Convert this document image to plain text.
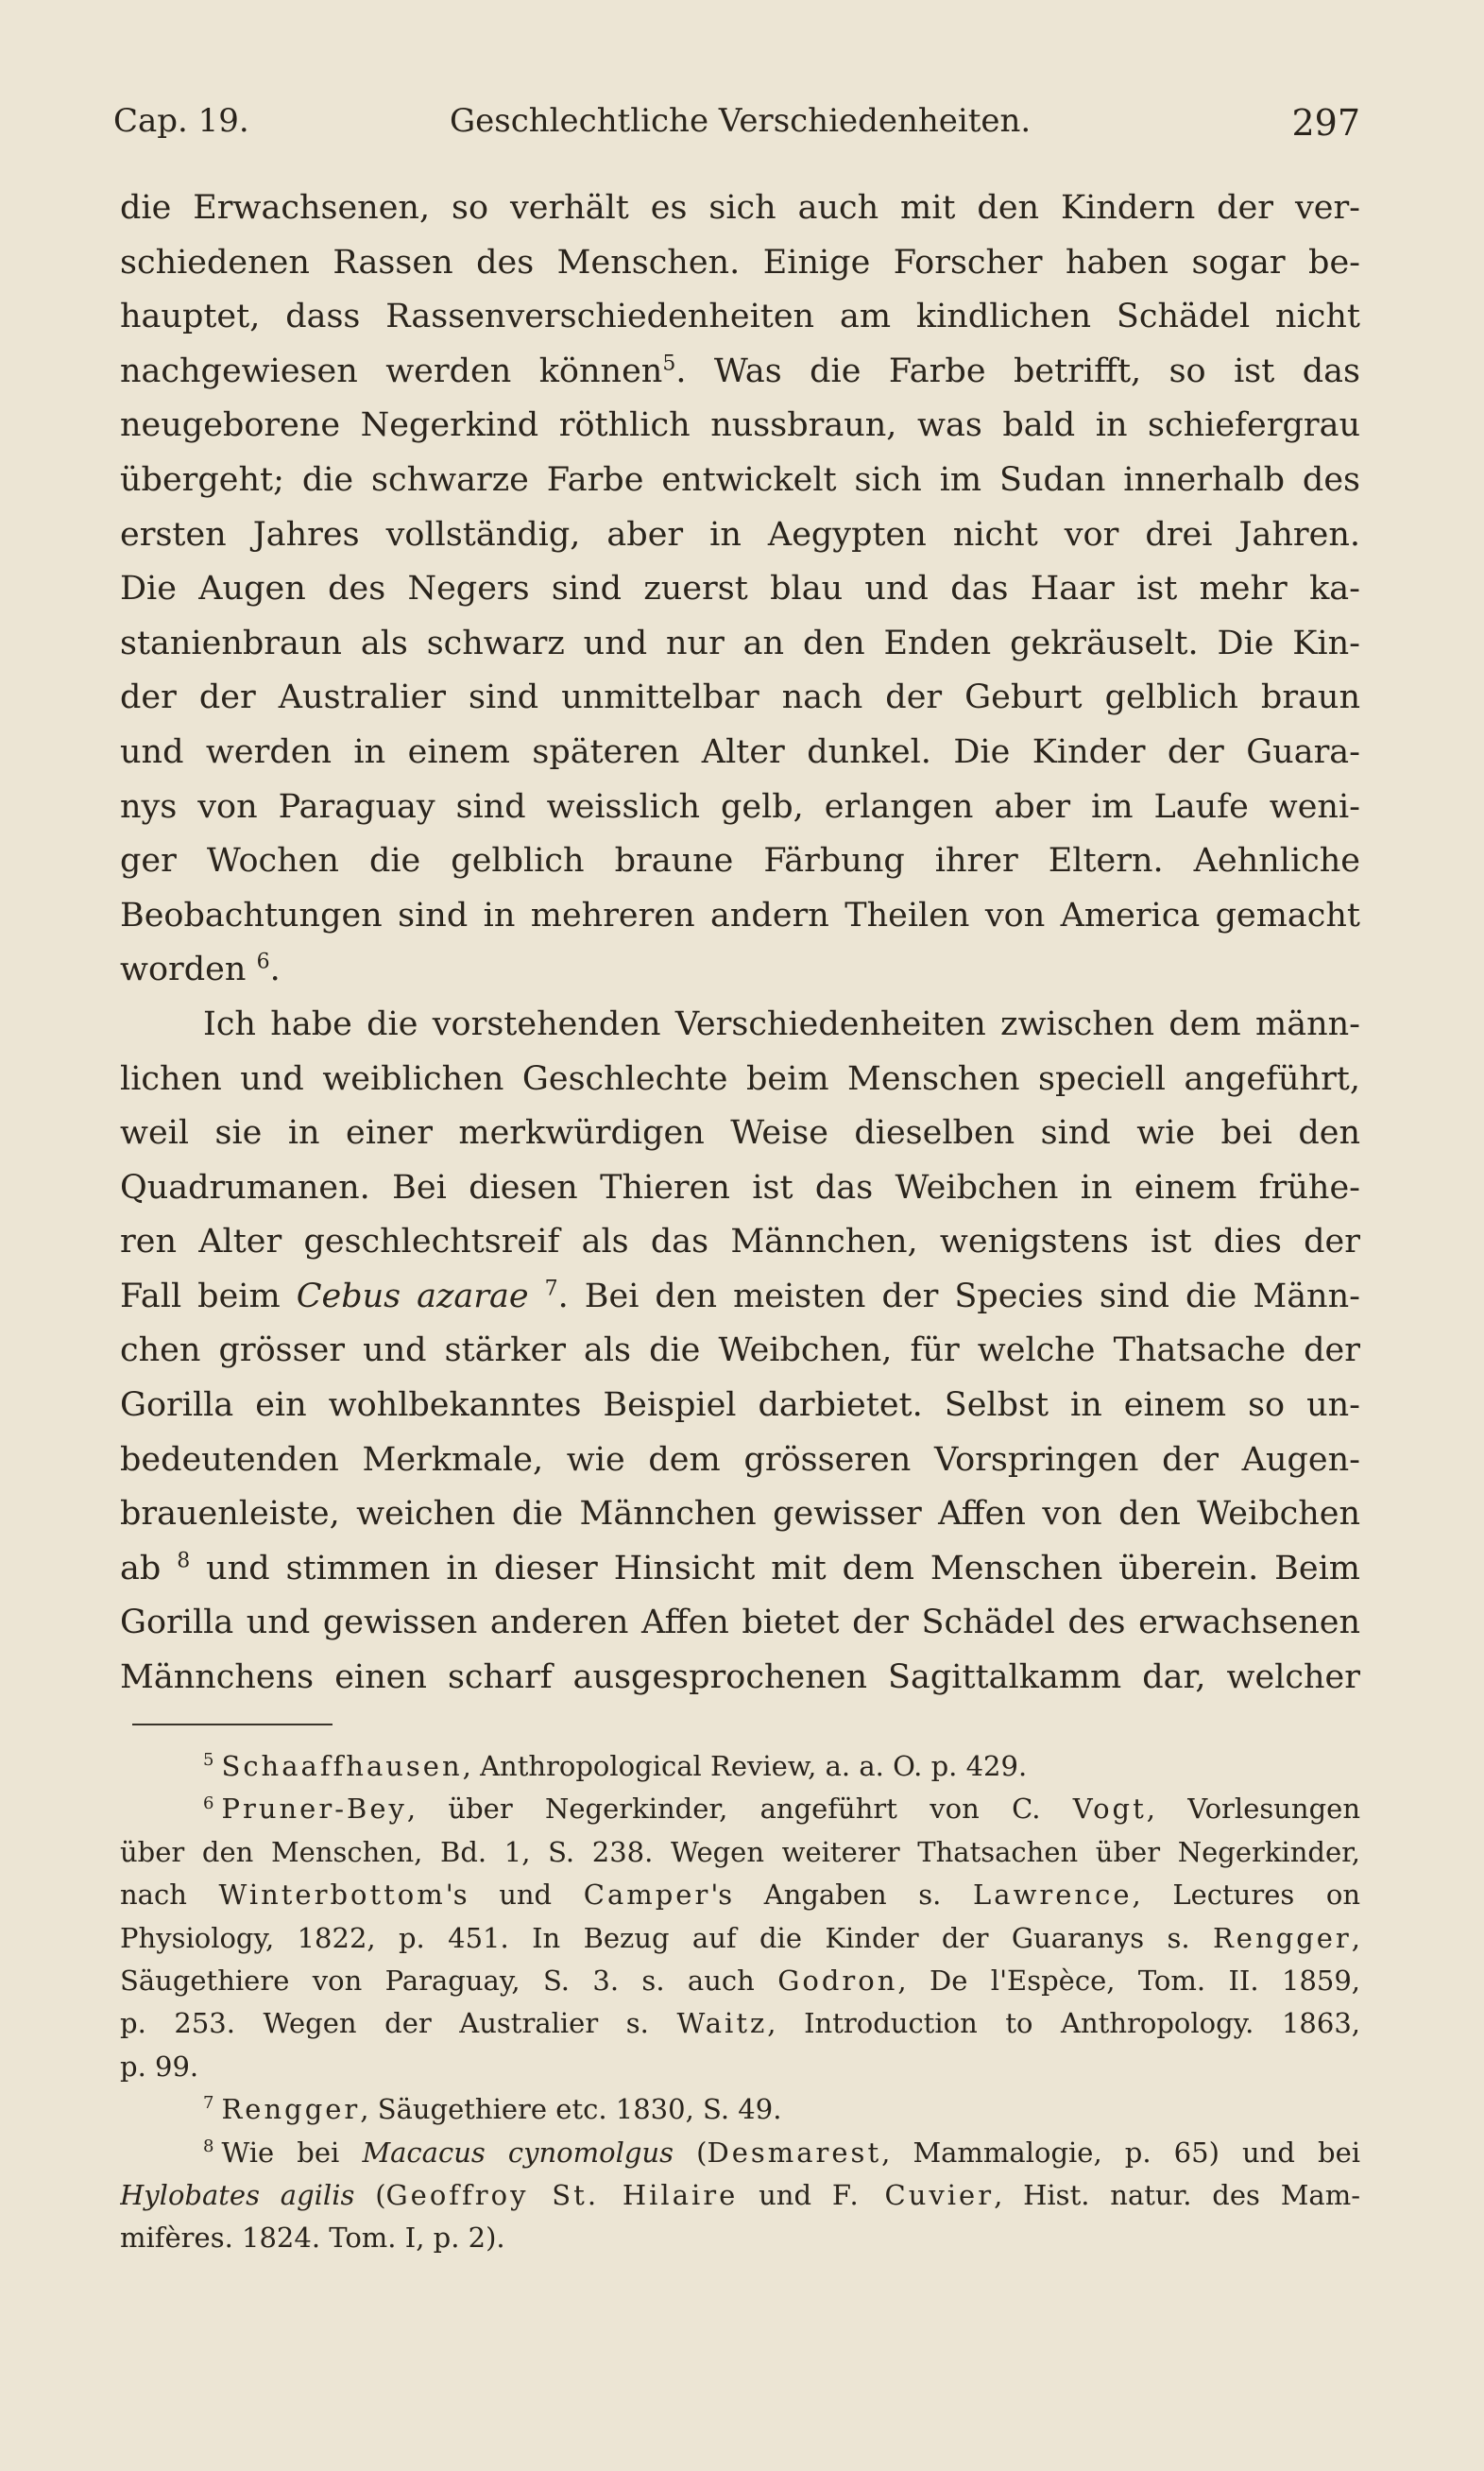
Cap. 19.	Geschlechtliche Verschiedenheiten.	297
die Erwachsenen, so verhält es sich auch mit den Kindern der ver-
schiedenen Rassen des Menschen. Einige Forscher haben sogar be-
hauptet, dass Rassenverschiedenheiten am kindlichen Schädel nicht
nachgewiesen werden können$^5$. Was die Farbe betrifft, so ist das
neugeborene Negerkind röthlich nussbraun, was bald in schiefergrau
übergeht; die schwarze Farbe entwickelt sich im Sudan innerhalb des
ersten Jahres vollständig, aber in Aegypten nicht vor drei Jahren.
Die Augen des Negers sind zuerst blau und das Haar ist mehr ka-
stanienbraun als schwarz und nur an den Enden gekräuselt. Die Kin-
der der Australier sind unmittelbar nach der Geburt gelblich braun
und werden in einem späteren Alter dunkel. Die Kinder der Guara-
nys von Paraguay sind weisslich gelb, erlangen aber im Laufe weni-
ger Wochen die gelblich braune Färbung ihrer Eltern. Aehnliche
Beobachtungen sind in mehreren andern Theilen von America gemacht
worden $^6$.
Ich habe die vorstehenden Verschiedenheiten zwischen dem männ-
lichen und weiblichen Geschlechte beim Menschen speciell angeführt,
weil sie in einer merkwürdigen Weise dieselben sind wie bei den
Quadrumanen. Bei diesen Thieren ist das Weibchen in einem frühe-
ren Alter geschlechtsreif als das Männchen, wenigstens ist dies der
Fall beim Cebus azarae $^7$. Bei den meisten der Species sind die Männ-
chen grösser und stärker als die Weibchen, für welche Thatsache der
Gorilla ein wohlbekanntes Beispiel darbietet. Selbst in einem so un-
bedeutenden Merkmale, wie dem grösseren Vorspringen der Augen-
brauenleiste, weichen die Männchen gewisser Affen von den Weibchen
ab $^8$ und stimmen in dieser Hinsicht mit dem Menschen überein. Beim
Gorilla und gewissen anderen Affen bietet der Schädel des erwachsenen
Männchens einen scharf ausgesprochenen Sagittalkamm dar, welcher
$^5$ Schaaffhausen, Anthropological Review, a. a. O. p. 429.
$^6$ Pruner-Bey, über Negerkinder, angeführt von C. Vogt, Vorlesungen
über den Menschen, Bd. 1, S. 238. Wegen weiterer Thatsachen über Negerkinder,
nach Winterbottom's und Camper's Angaben s. Lawrence, Lectures on
Physiology, 1822, p. 451. In Bezug auf die Kinder der Guaranys s. Rengger,
Säugethiere von Paraguay, S. 3. s. auch Godron, De l'Espèce, Tom. II. 1859,
p. 253. Wegen der Australier s. Waitz, Introduction to Anthropology. 1863,
p. 99.
$^7$ Rengger, Säugethiere etc. 1830, S. 49.
$^8$ Wie bei Macacus cynomolgus (Desmarest, Mammalogie, p. 65) und bei
Hylobates agilis (Geoffroy St. Hilaire und F. Cuvier, Hist. natur. des Mam-
mifères. 1824. Tom. I, p. 2).
